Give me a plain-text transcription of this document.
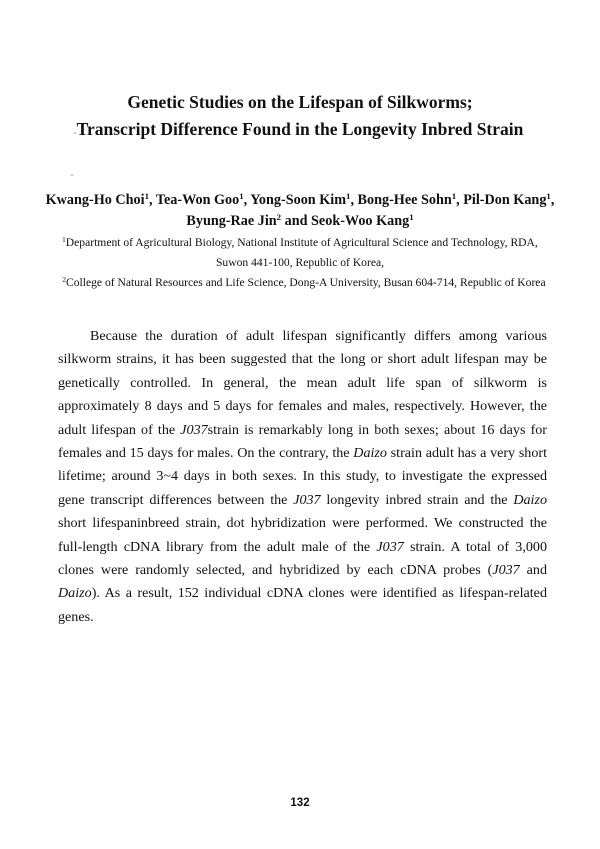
Genetic Studies on the Lifespan of Silkworms;
Transcript Difference Found in the Longevity Inbred Strain
Kwang-Ho Choi$^1$, Tea-Won Goo$^1$, Yong-Soon Kim$^1$, Bong-Hee Sohn$^1$, Pil-Don Kang$^1$,
Byung-Rae Jin$^2$ and Seok-Woo Kang$^1$
$^1$Department of Agricultural Biology, National Institute of Agricultural Science and Technology, RDA,
Suwon 441-100, Republic of Korea,
$^2$College of Natural Resources and Life Science, Dong-A University, Busan 604-714, Republic of Korea

Because the duration of adult lifespan significantly differs among various silkworm strains, it has been suggested that the long or short adult lifespan may be genetically controlled. In general, the mean adult life span of silkworm is approximately 8 days and 5 days for females and males, respectively. However, the adult lifespan of the J037strain is remarkably long in both sexes; about 16 days for females and 15 days for males. On the contrary, the Daizo strain adult has a very short lifetime; around 3~4 days in both sexes. In this study, to investigate the expressed gene transcript differences between the J037 longevity inbred strain and the Daizo short lifespaninbreed strain, dot hybridization were performed. We constructed the full-length cDNA library from the adult male of the J037 strain. A total of 3,000 clones were randomly selected, and hybridized by each cDNA probes (J037 and Daizo). As a result, 152 individual cDNA clones were identified as lifespan-related genes.

132
